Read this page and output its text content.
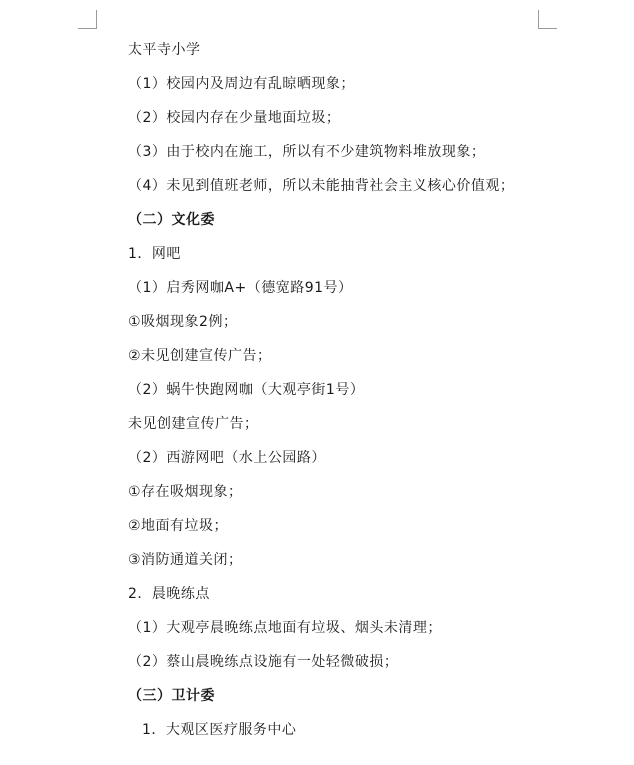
太平寺小学
（1）校园内及周边有乱晾晒现象；
（2）校园内存在少量地面垃圾；
（3）由于校内在施工，所以有不少建筑物料堆放现象；
（4）未见到值班老师，所以未能抽背社会主义核心价值观；
（二）文化委
1．网吧
（1）启秀网咖A+（德宽路91号）
①吸烟现象2例；
②未见创建宣传广告；
（2）蜗牛快跑网咖（大观亭街1号）
未见创建宣传广告；
（2）西游网吧（水上公园路）
①存在吸烟现象；
②地面有垃圾；
③消防通道关闭；
2．晨晚练点
（1）大观亭晨晚练点地面有垃圾、烟头未清理；
（2）蔡山晨晚练点设施有一处轻微破损；
（三）卫计委
1．大观区医疗服务中心
